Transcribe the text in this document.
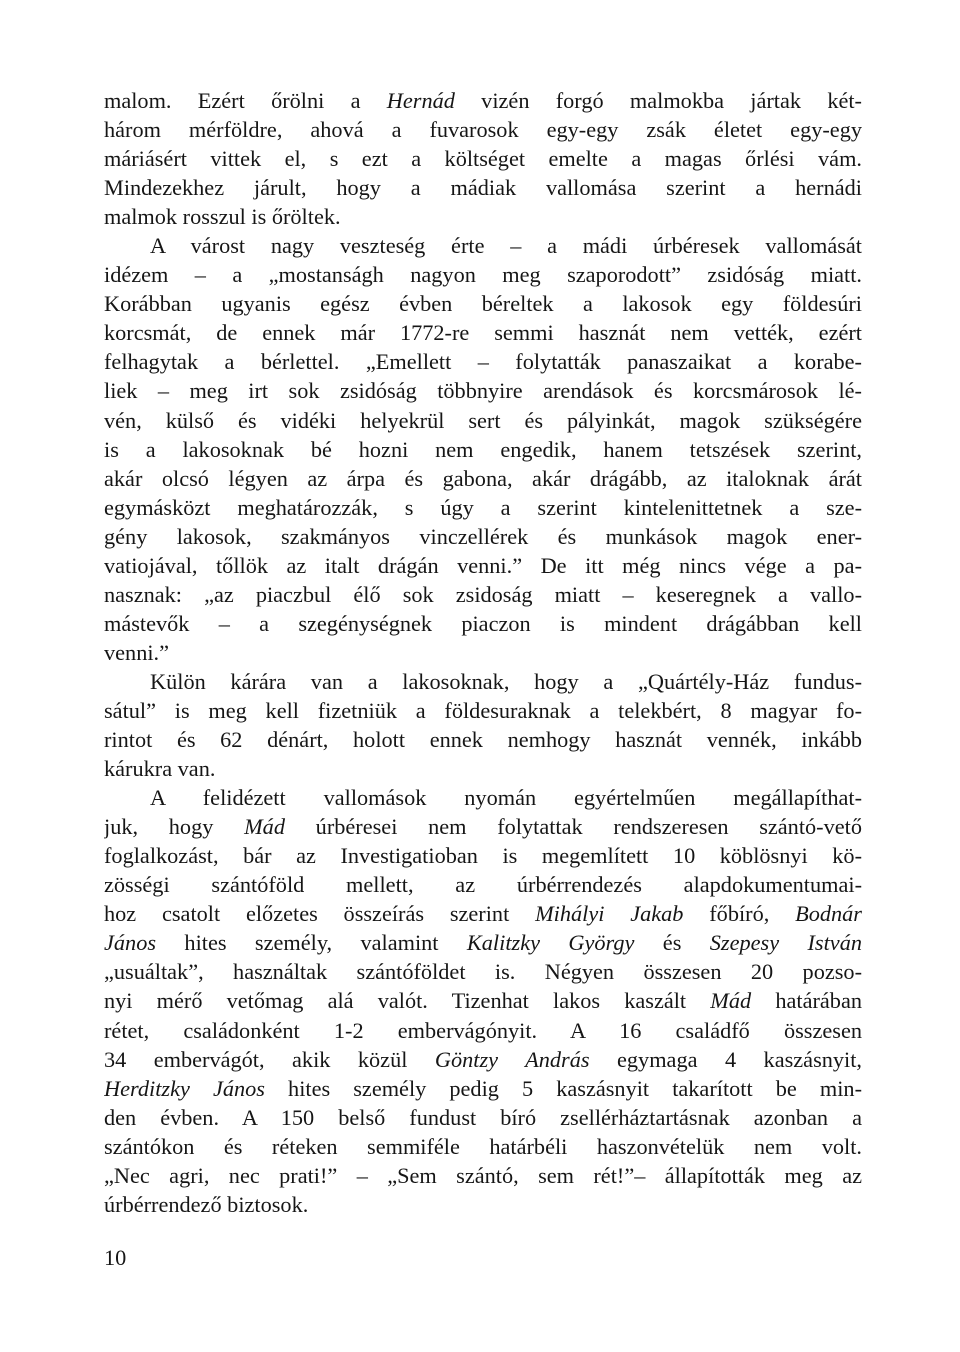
malom. Ezért őrölni a Hernád vizén forgó malmokba jártak két-
három mérföldre, ahová a fuvarosok egy-egy zsák életet egy-egy
máriásért vittek el, s ezt a költséget emelte a magas őrlési vám.
Mindezekhez járult, hogy a mádiak vallomása szerint a hernádi
malmok rosszul is őröltek.
A várost nagy veszteség érte – a mádi úrbéresek vallomását
idézem – a „mostanságh nagyon meg szaporodott” zsidóság miatt.
Korábban ugyanis egész évben béreltek a lakosok egy földesúri
korcsmát, de ennek már 1772-re semmi hasznát nem vették, ezért
felhagytak a bérlettel. „Emellett – folytatták panaszaikat a korabe-
liek – meg irt sok zsidóság többnyire arendások és korcsmárosok lé-
vén, külső és vidéki helyekrül sert és pályinkát, magok szükségére
is a lakosoknak bé hozni nem engedik, hanem tetszések szerint,
akár olcsó légyen az árpa és gabona, akár drágább, az italoknak árát
egymásközt meghatározzák, s úgy a szerint kintelenittetnek a sze-
gény lakosok, szakmányos vinczellérek és munkások magok ener-
vatiojával, tőllök az italt drágán venni.” De itt még nincs vége a pa-
nasznak: „az piaczbul élő sok zsidoság miatt – keseregnek a vallo-
mástevők – a szegénységnek piaczon is mindent drágábban kell
venni.”
Külön kárára van a lakosoknak, hogy a „Quártély-Ház fundus-
sátul” is meg kell fizetniük a földesuraknak a telekbért, 8 magyar fo-
rintot és 62 dénárt, holott ennek nemhogy hasznát vennék, inkább
kárukra van.
A felidézett vallomások nyomán egyértelműen megállapíthat-
juk, hogy Mád úrbéresei nem folytattak rendszeresen szántó-vető
foglalkozást, bár az Investigatioban is megemlített 10 köblösnyi kö-
zösségi szántóföld mellett, az úrbérrendezés alapdokumentumai-
hoz csatolt előzetes összeírás szerint Mihályi Jakab főbíró, Bodnár
János hites személy, valamint Kalitzky György és Szepesy István
„usuáltak”, használtak szántóföldet is. Négyen összesen 20 pozso-
nyi mérő vetőmag alá valót. Tizenhat lakos kaszált Mád határában
rétet, családonként 1-2 embervágónyit. A 16 családfő összesen
34 embervágót, akik közül Göntzy András egymaga 4 kaszásnyit,
Herditzky János hites személy pedig 5 kaszásnyit takarított be min-
den évben. A 150 belső fundust bíró zsellérháztartásnak azonban a
szántókon és réteken semmiféle határbéli haszonvételük nem volt.
„Nec agri, nec prati!” – „Sem szántó, sem rét!”– állapították meg az
úrbérrendező biztosok.
10
